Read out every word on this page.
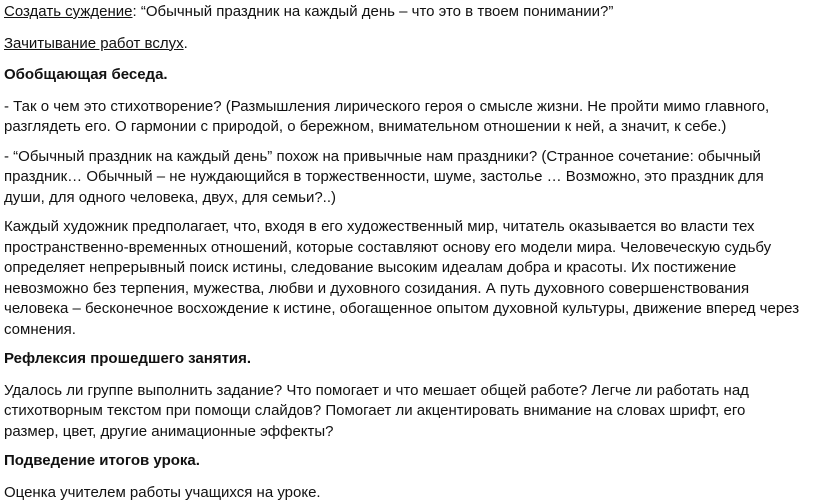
Создать суждение: “Обычный праздник на каждый день – что это в твоем понимании?”

Зачитывание работ вслух.

Обобщающая беседа.

- Так о чем это стихотворение? (Размышления лирического героя о смысле жизни. Не пройти мимо главного, разглядеть его. О гармонии с природой, о бережном, внимательном отношении к ней, а значит, к себе.)

- “Обычный праздник на каждый день” похож на привычные нам праздники? (Странное сочетание: обычный праздник… Обычный – не нуждающийся в торжественности, шуме, застолье … Возможно, это праздник для души, для одного человека, двух, для семьи?..)

Каждый художник предполагает, что, входя в его художественный мир, читатель оказывается во власти тех пространственно-временных отношений, которые составляют основу его модели мира. Человеческую судьбу определяет непрерывный поиск истины, следование высоким идеалам добра и красоты. Их постижение невозможно без терпения, мужества, любви и духовного созидания. А путь духовного совершенствования человека – бесконечное восхождение к истине, обогащенное опытом духовной культуры, движение вперед через сомнения.

Рефлексия прошедшего занятия.

Удалось ли группе выполнить задание? Что помогает и что мешает общей работе? Легче ли работать над стихотворным текстом при помощи слайдов? Помогает ли акцентировать внимание на словах шрифт, его размер, цвет, другие анимационные эффекты?

Подведение итогов урока.

Оценка учителем работы учащихся на уроке.
